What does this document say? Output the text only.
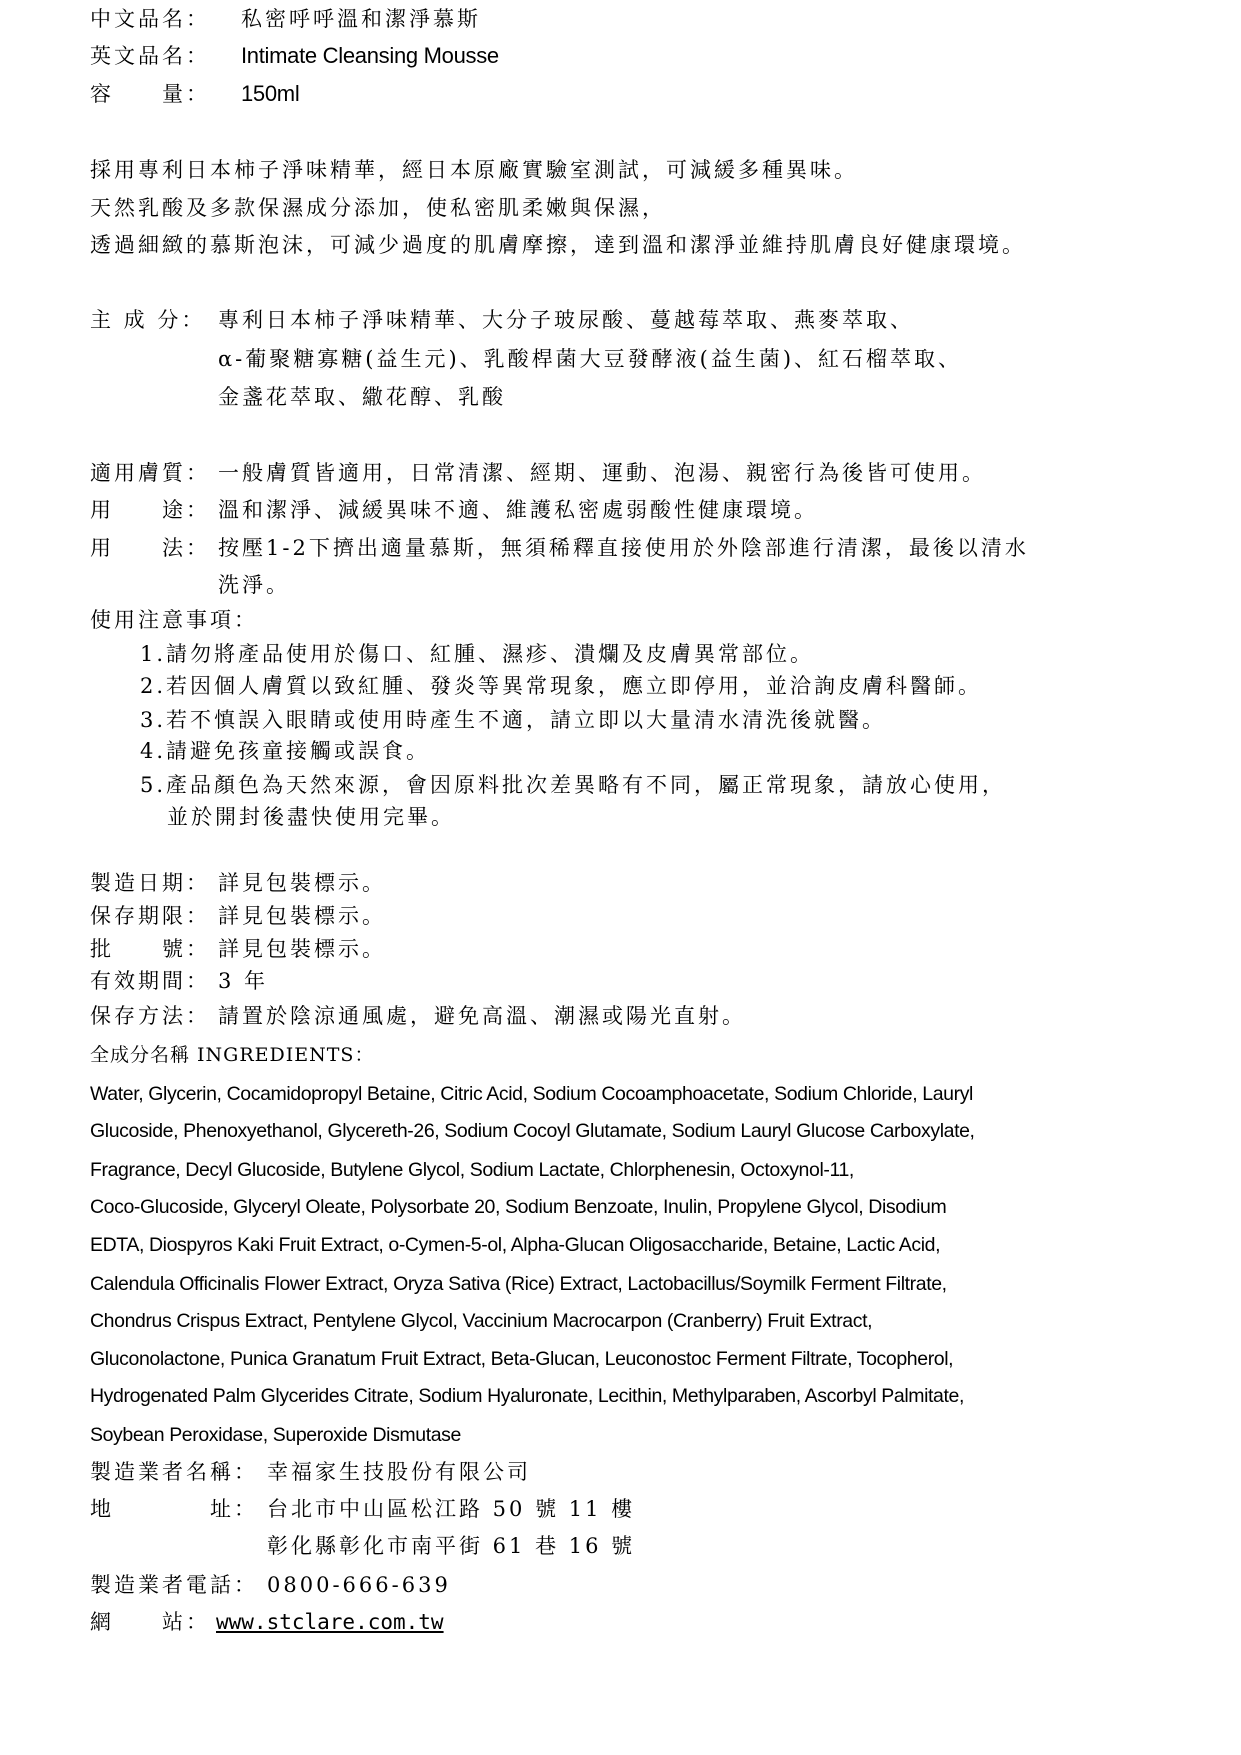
中文品名： 私密呼呼溫和潔淨慕斯
英文品名： Intimate Cleansing Mousse
容　　量： 150ml
採用專利日本柿子淨味精華，經日本原廠實驗室測試，可減緩多種異味。
天然乳酸及多款保濕成分添加，使私密肌柔嫩與保濕，
透過細緻的慕斯泡沫，可減少過度的肌膚摩擦，達到溫和潔淨並維持肌膚良好健康環境。
主 成 分： 專利日本柿子淨味精華、大分子玻尿酸、蔓越莓萃取、燕麥萃取、
α-葡聚糖寡糖(益生元)、乳酸桿菌大豆發酵液(益生菌)、紅石榴萃取、
金盞花萃取、繖花醇、乳酸
適用膚質： 一般膚質皆適用，日常清潔、經期、運動、泡湯、親密行為後皆可使用。
用　　途： 溫和潔淨、減緩異味不適、維護私密處弱酸性健康環境。
用　　法： 按壓1-2下擠出適量慕斯，無須稀釋直接使用於外陰部進行清潔，最後以清水
洗淨。
使用注意事項：
1.請勿將產品使用於傷口、紅腫、濕疹、潰爛及皮膚異常部位。
2.若因個人膚質以致紅腫、發炎等異常現象，應立即停用，並洽詢皮膚科醫師。
3.若不慎誤入眼睛或使用時產生不適，請立即以大量清水清洗後就醫。
4.請避免孩童接觸或誤食。
5.產品顏色為天然來源，會因原料批次差異略有不同，屬正常現象，請放心使用，
並於開封後盡快使用完畢。
製造日期： 詳見包裝標示。
保存期限： 詳見包裝標示。
批　　號： 詳見包裝標示。
有效期間： 3 年
保存方法： 請置於陰涼通風處，避免高溫、潮濕或陽光直射。
全成分名稱 INGREDIENTS：
Water, Glycerin, Cocamidopropyl Betaine, Citric Acid, Sodium Cocoamphoacetate, Sodium Chloride, Lauryl
Glucoside, Phenoxyethanol, Glycereth-26, Sodium Cocoyl Glutamate, Sodium Lauryl Glucose Carboxylate,
Fragrance, Decyl Glucoside, Butylene Glycol, Sodium Lactate, Chlorphenesin, Octoxynol-11,
Coco-Glucoside, Glyceryl Oleate, Polysorbate 20, Sodium Benzoate, Inulin, Propylene Glycol, Disodium
EDTA, Diospyros Kaki Fruit Extract, o-Cymen-5-ol, Alpha-Glucan Oligosaccharide, Betaine, Lactic Acid,
Calendula Officinalis Flower Extract, Oryza Sativa (Rice) Extract, Lactobacillus/Soymilk Ferment Filtrate,
Chondrus Crispus Extract, Pentylene Glycol, Vaccinium Macrocarpon (Cranberry) Fruit Extract,
Gluconolactone, Punica Granatum Fruit Extract, Beta-Glucan, Leuconostoc Ferment Filtrate, Tocopherol,
Hydrogenated Palm Glycerides Citrate, Sodium Hyaluronate, Lecithin, Methylparaben, Ascorbyl Palmitate,
Soybean Peroxidase, Superoxide Dismutase
製造業者名稱： 幸福家生技股份有限公司
地　　　　址： 台北市中山區松江路 50 號 11 樓
彰化縣彰化市南平街 61 巷 16 號
製造業者電話： 0800-666-639
網　　站： www.stclare.com.tw
